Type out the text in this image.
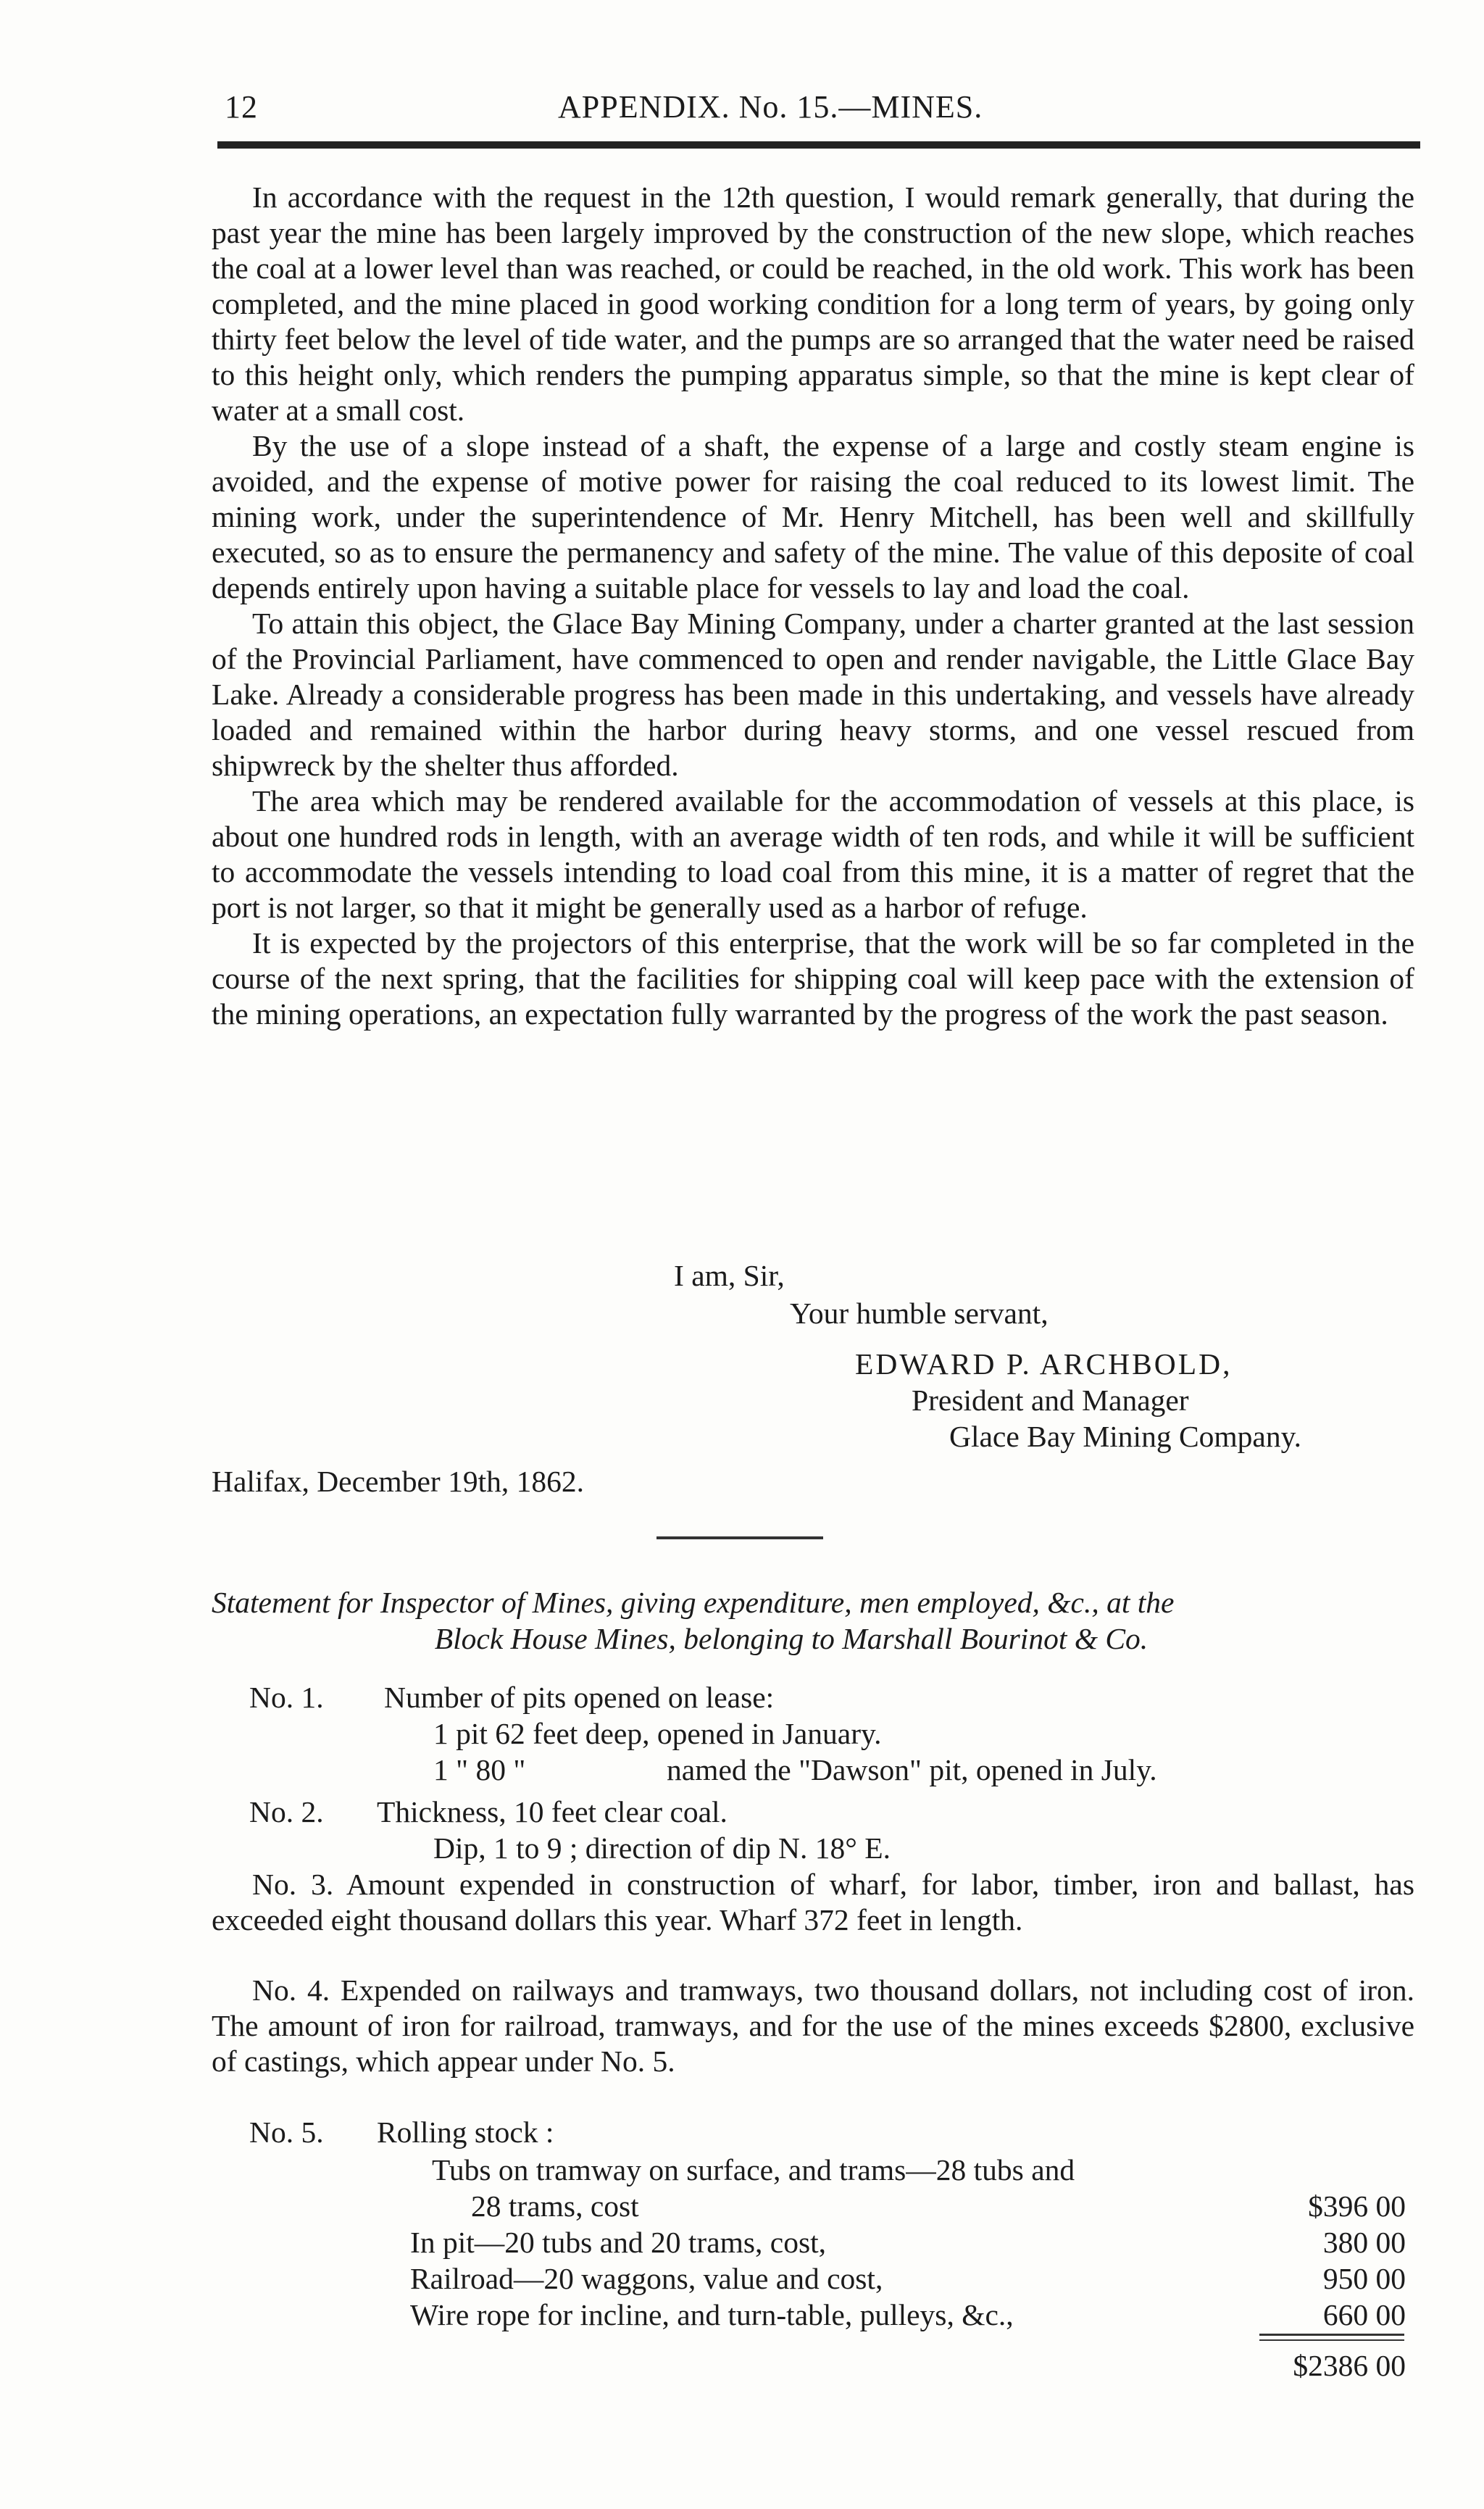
12	APPENDIX. No. 15.—MINES.

In accordance with the request in the 12th question, I would remark generally, that during the past year the mine has been largely improved by the construction of the new slope, which reaches the coal at a lower level than was reached, or could be reached, in the old work. This work has been completed, and the mine placed in good working condition for a long term of years, by going only thirty feet below the level of tide water, and the pumps are so arranged that the water need be raised to this height only, which renders the pumping apparatus simple, so that the mine is kept clear of water at a small cost.

By the use of a slope instead of a shaft, the expense of a large and costly steam engine is avoided, and the expense of motive power for raising the coal reduced to its lowest limit. The mining work, under the superintendence of Mr. Henry Mitchell, has been well and skillfully executed, so as to ensure the permanency and safety of the mine. The value of this deposite of coal depends entirely upon having a suitable place for vessels to lay and load the coal.

To attain this object, the Glace Bay Mining Company, under a charter granted at the last session of the Provincial Parliament, have commenced to open and render navigable, the Little Glace Bay Lake. Already a considerable progress has been made in this undertaking, and vessels have already loaded and remained within the harbor during heavy storms, and one vessel rescued from shipwreck by the shelter thus afforded.

The area which may be rendered available for the accommodation of vessels at this place, is about one hundred rods in length, with an average width of ten rods, and while it will be sufficient to accommodate the vessels intending to load coal from this mine, it is a matter of regret that the port is not larger, so that it might be generally used as a harbor of refuge.

It is expected by the projectors of this enterprise, that the work will be so far completed in the course of the next spring, that the facilities for shipping coal will keep pace with the extension of the mining operations, an expectation fully warranted by the progress of the work the past season.

I am, Sir,
Your humble servant,
EDWARD P. ARCHBOLD,
President and Manager
Glace Bay Mining Company.
Halifax, December 19th, 1862.
Statement for Inspector of Mines, giving expenditure, men employed, &c., at the
Block House Mines, belonging to Marshall Bourinot & Co.
No. 1. Number of pits opened on lease:
1 pit 62 feet deep, opened in January.
1 " 80 "	named the "Dawson" pit, opened in July.
No. 2. Thickness, 10 feet clear coal.
Dip, 1 to 9 ; direction of dip N. 18° E.

No. 3. Amount expended in construction of wharf, for labor, timber, iron and ballast, has exceeded eight thousand dollars this year. Wharf 372 feet in length.

No. 4. Expended on railways and tramways, two thousand dollars, not including cost of iron. The amount of iron for railroad, tramways, and for the use of the mines exceeds $2800, exclusive of castings, which appear under No. 5.

No. 5. Rolling stock :
Tubs on tramway on surface, and trams—28 tubs and
28 trams, cost	$396 00
In pit—20 tubs and 20 trams, cost,	380 00
Railroad—20 waggons, value and cost,	950 00
Wire rope for incline, and turn-table, pulleys, &c.,	660 00
$2386 00
